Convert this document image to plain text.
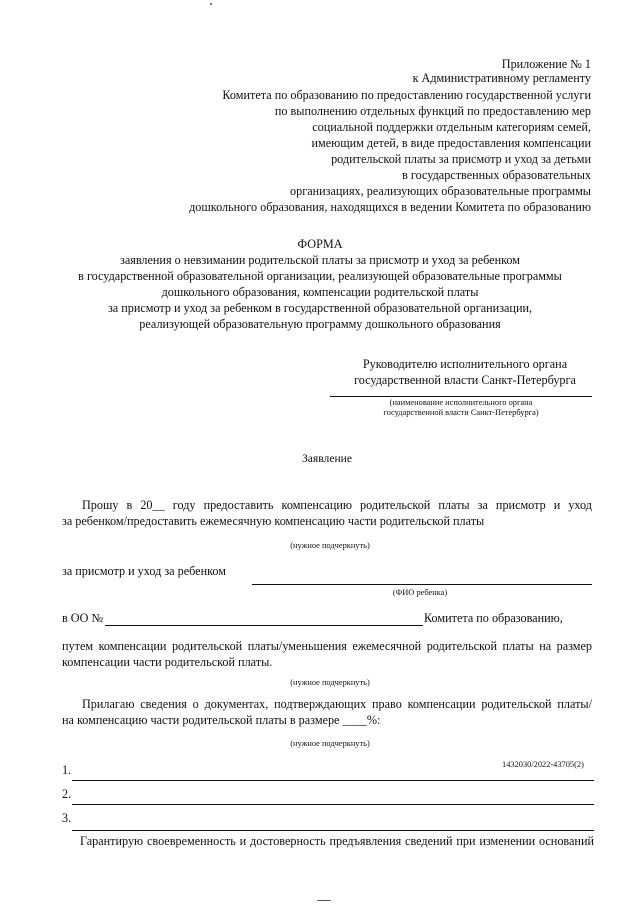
Приложение № 1
к Административному регламенту
Комитета по образованию по предоставлению государственной услуги
по выполнению отдельных функций по предоставлению мер
социальной поддержки отдельным категориям семей,
имеющим детей, в виде предоставления компенсации
родительской платы за присмотр и уход за детьми
в государственных образовательных
организациях, реализующих образовательные программы
дошкольного образования, находящихся в ведении Комитета по образованию
ФОРМА
заявления о невзимании родительской платы за присмотр и уход за ребенком
в государственной образовательной организации, реализующей образовательные программы
дошкольного образования, компенсации родительской платы
за присмотр и уход за ребенком в государственной образовательной организации,
реализующей образовательную программу дошкольного образования
Руководителю исполнительного органа
государственной власти Санкт-Петербурга
(наименование исполнительного органа
государственной власти Санкт-Петербурга)
Заявление
Прошу в 20__ году предоставить компенсацию родительской платы за присмотр и уход
за ребенком/предоставить ежемесячную компенсацию части родительской платы
(нужное подчеркнуть)
за присмотр и уход за ребенком
(ФИО ребенка)
в ОО №	Комитета по образованию,
путем компенсации родительской платы/уменьшения ежемесячной родительской платы на размер
компенсации части родительской платы.
(нужное подчеркнуть)
Прилагаю сведения о документах, подтверждающих право компенсации родительской платы/
на компенсацию части родительской платы в размере ____%:
(нужное подчеркнуть)
1432030/2022-43705(2)
1.
2.
3.
Гарантирую своевременность и достоверность предъявления сведений при изменении оснований
